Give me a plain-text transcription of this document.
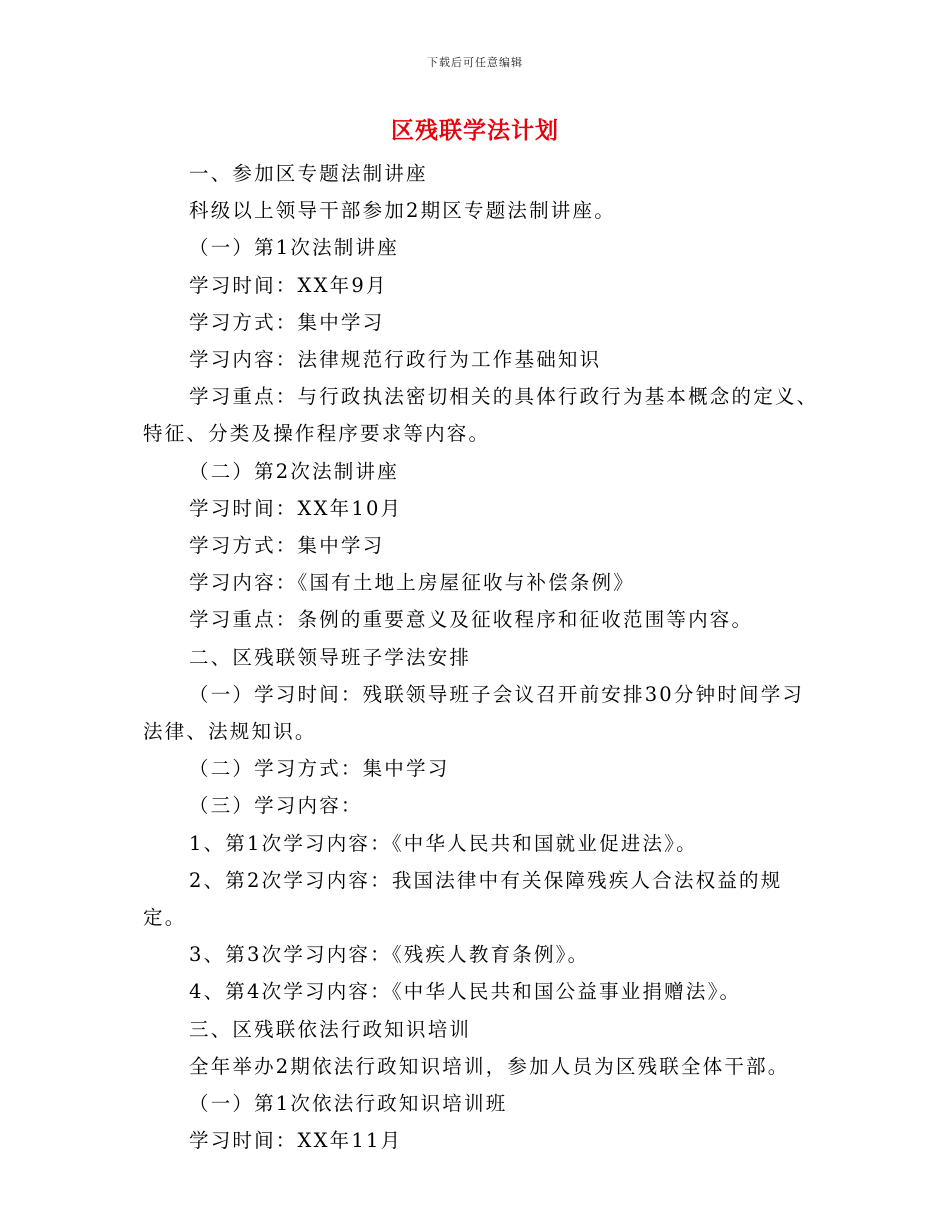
下载后可任意编辑
区残联学法计划

一、参加区专题法制讲座

科级以上领导干部参加2期区专题法制讲座。

（一）第1次法制讲座

学习时间：XX年9月

学习方式：集中学习

学习内容：法律规范行政行为工作基础知识

学习重点：与行政执法密切相关的具体行政行为基本概念的定义、特征、分类及操作程序要求等内容。

（二）第2次法制讲座

学习时间：XX年10月

学习方式：集中学习

学习内容：《国有土地上房屋征收与补偿条例》

学习重点：条例的重要意义及征收程序和征收范围等内容。

二、区残联领导班子学法安排

（一）学习时间：残联领导班子会议召开前安排30分钟时间学习法律、法规知识。

（二）学习方式：集中学习

（三）学习内容：

1、第1次学习内容：《中华人民共和国就业促进法》。

2、第2次学习内容：我国法律中有关保障残疾人合法权益的规定。

3、第3次学习内容：《残疾人教育条例》。

4、第4次学习内容：《中华人民共和国公益事业捐赠法》。

三、区残联依法行政知识培训

全年举办2期依法行政知识培训，参加人员为区残联全体干部。

（一）第1次依法行政知识培训班

学习时间：XX年11月
